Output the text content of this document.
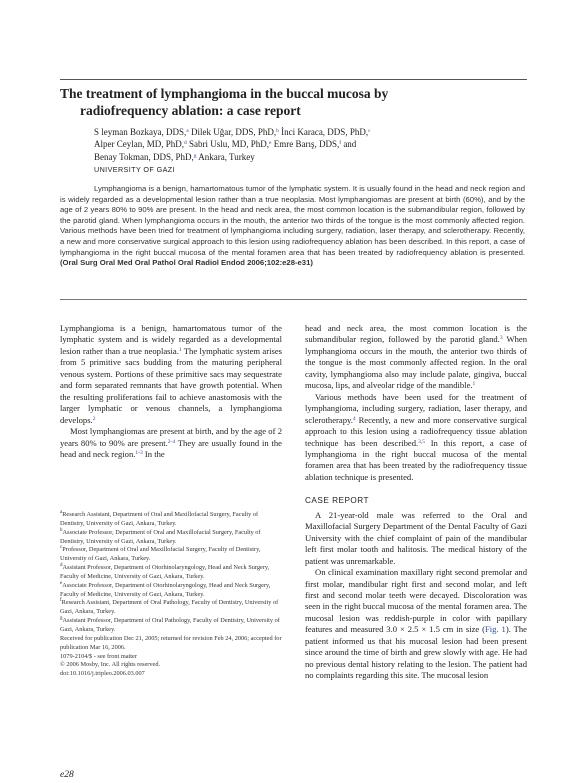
The treatment of lymphangioma in the buccal mucosa by
radiofrequency ablation: a case report
S leyman Bozkaya, DDS,$^a$ Dilek Uğar, DDS, PhD,$^b$ İnci Karaca, DDS, PhD,$^c$
Alper Ceylan, MD, PhD,$^d$ Sabri Uslu, MD, PhD,$^e$ Emre Barış, DDS,$^f$ and
Benay Tokman, DDS, PhD,$^g$ Ankara, Turkey
UNIVERSITY OF GAZI
Lymphangioma is a benign, hamartomatous tumor of the lymphatic system. It is usually found in the head and neck region and is widely regarded as a developmental lesion rather than a true neoplasia. Most lymphangiomas are present at birth (60%), and by the age of 2 years 80% to 90% are present. In the head and neck area, the most common location is the submandibular region, followed by the parotid gland. When lymphangioma occurs in the mouth, the anterior two thirds of the tongue is the most commonly affected region. Various methods have been tried for treatment of lymphangioma including surgery, radiation, laser therapy, and sclerotherapy. Recently, a new and more conservative surgical approach to this lesion using radiofrequency ablation has been described. In this report, a case of lymphangioma in the right buccal mucosa of the mental foramen area that has been treated by radiofrequency ablation is presented. (Oral Surg Oral Med Oral Pathol Oral Radiol Endod 2006;102:e28-e31)

Lymphangioma is a benign, hamartomatous tumor of the lymphatic system and is widely regarded as a developmental lesion rather than a true neoplasia.$^1$ The lymphatic system arises from 5 primitive sacs budding from the maturing peripheral venous system. Portions of these primitive sacs may sequestrate and form separated remnants that have growth potential. When the resulting proliferations fail to achieve anastomosis with the larger lymphatic or venous channels, a lymphangioma develops.$^2$

Most lymphangiomas are present at birth, and by the age of 2 years 80% to 90% are present.$^{2-4}$ They are usually found in the head and neck region.$^{1-3}$ In the

$^a$Research Assistant, Department of Oral and Maxillofacial Surgery, Faculty of Dentistry, University of Gazi, Ankara, Turkey.
$^b$Associate Professor, Department of Oral and Maxillofacial Surgery, Faculty of Dentistry, University of Gazi, Ankara, Turkey.
$^c$Professor, Department of Oral and Maxillofacial Surgery, Faculty of Dentistry, University of Gazi, Ankara, Turkey.
$^d$Assistant Professor, Department of Otorhinolaryngology, Head and Neck Surgery, Faculty of Medicine, University of Gazi, Ankara, Turkey.
$^e$Associate Professor, Department of Otorhinolaryngology, Head and Neck Surgery, Faculty of Medicine, University of Gazi, Ankara, Turkey.
$^f$Research Assistant, Department of Oral Pathology, Faculty of Dentistry, University of Gazi, Ankara, Turkey.
$^g$Assistant Professor, Department of Oral Pathology, Faculty of Dentistry, University of Gazi, Ankara, Turkey.
Received for publication Dec 21, 2005; returned for revision Feb 24, 2006; accepted for publication Mar 16, 2006.
1079-2104/$ - see front matter
© 2006 Mosby, Inc. All rights reserved.
doi:10.1016/j.tripleo.2006.03.007

head and neck area, the most common location is the submandibular region, followed by the parotid gland.$^3$ When lymphangioma occurs in the mouth, the anterior two thirds of the tongue is the most commonly affected region. In the oral cavity, lymphangioma also may include palate, gingiva, buccal mucosa, lips, and alveolar ridge of the mandible.$^1$

Various methods have been used for the treatment of lymphangioma, including surgery, radiation, laser therapy, and sclerotherapy.$^4$ Recently, a new and more conservative surgical approach to this lesion using a radiofrequency tissue ablation technique has been described.$^{3,5}$ In this report, a case of lymphangioma in the right buccal mucosa of the mental foramen area that has been treated by the radiofrequency tissue ablation technique is presented.

CASE REPORT

A 21-year-old male was referred to the Oral and Maxillofacial Surgery Department of the Dental Faculty of Gazi University with the chief complaint of pain of the mandibular left first molar tooth and halitosis. The medical history of the patient was unremarkable.

On clinical examination maxillary right second premolar and first molar, mandibular right first and second molar, and left first and second molar teeth were decayed. Discoloration was seen in the right buccal mucosa of the mental foramen area. The mucosal lesion was reddish-purple in color with papillary features and measured 3.0 × 2.5 × 1.5 cm in size (Fig. 1). The patient informed us that his mucosal lesion had been present since around the time of birth and grew slowly with age. He had no previous dental history relating to the lesion. The patient had no complaints regarding this site. The mucosal lesion

e28
